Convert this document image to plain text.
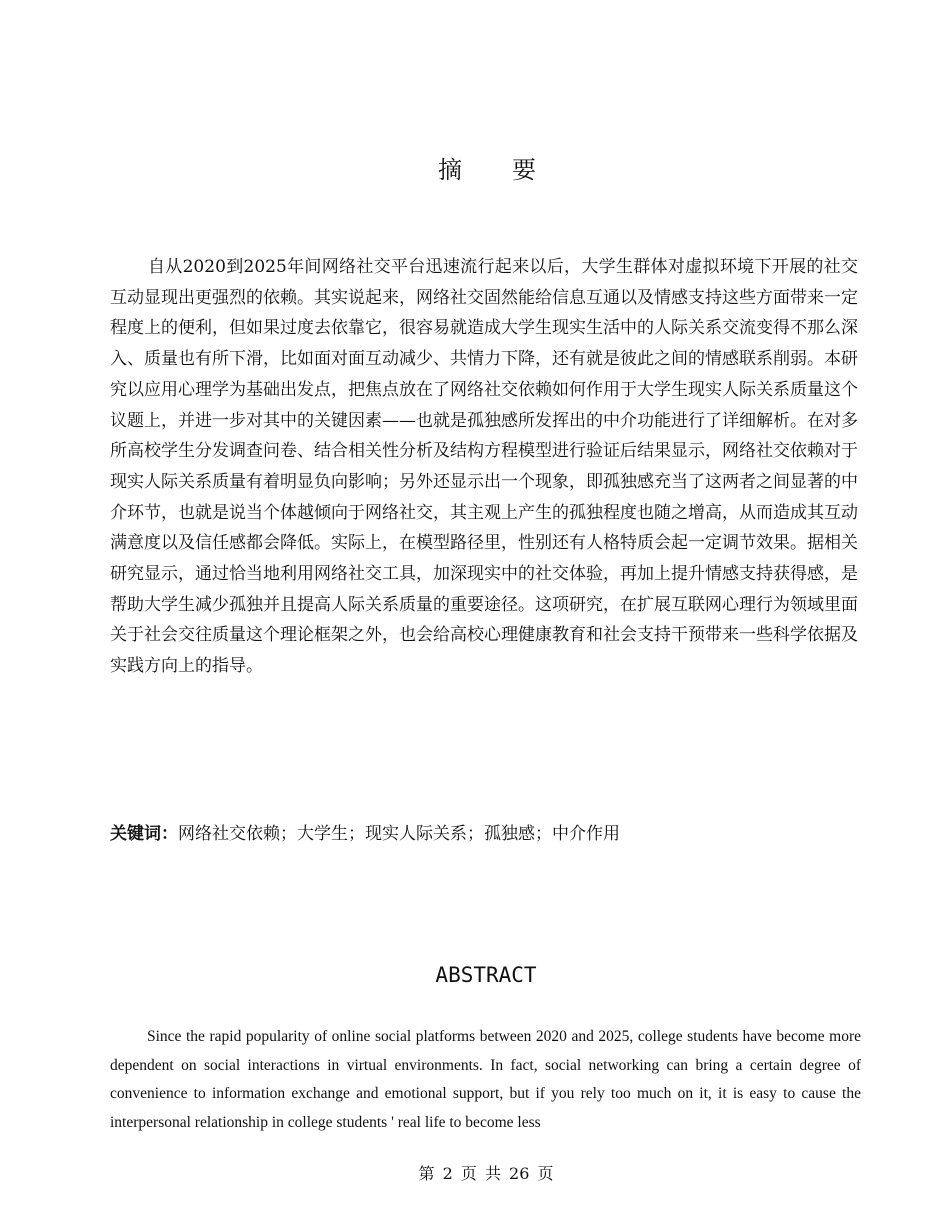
摘 要

自从2020到2025年间网络社交平台迅速流行起来以后，大学生群体对虚拟环境下开展的社交互动显现出更强烈的依赖。其实说起来，网络社交固然能给信息互通以及情感支持这些方面带来一定程度上的便利，但如果过度去依靠它，很容易就造成大学生现实生活中的人际关系交流变得不那么深入、质量也有所下滑，比如面对面互动减少、共情力下降，还有就是彼此之间的情感联系削弱。本研究以应用心理学为基础出发点，把焦点放在了网络社交依赖如何作用于大学生现实人际关系质量这个议题上，并进一步对其中的关键因素——也就是孤独感所发挥出的中介功能进行了详细解析。在对多所高校学生分发调查问卷、结合相关性分析及结构方程模型进行验证后结果显示，网络社交依赖对于现实人际关系质量有着明显负向影响；另外还显示出一个现象，即孤独感充当了这两者之间显著的中介环节，也就是说当个体越倾向于网络社交，其主观上产生的孤独程度也随之增高，从而造成其互动满意度以及信任感都会降低。实际上，在模型路径里，性别还有人格特质会起一定调节效果。据相关研究显示，通过恰当地利用网络社交工具，加深现实中的社交体验，再加上提升情感支持获得感，是帮助大学生减少孤独并且提高人际关系质量的重要途径。这项研究，在扩展互联网心理行为领域里面关于社会交往质量这个理论框架之外，也会给高校心理健康教育和社会支持干预带来一些科学依据及实践方向上的指导。

关键词：网络社交依赖；大学生；现实人际关系；孤独感；中介作用
ABSTRACT

Since the rapid popularity of online social platforms between 2020 and 2025, college students have become more dependent on social interactions in virtual environments. In fact, social networking can bring a certain degree of convenience to information exchange and emotional support, but if you rely too much on it, it is easy to cause the interpersonal relationship in college students ' real life to become less

第 2 页 共 26 页
